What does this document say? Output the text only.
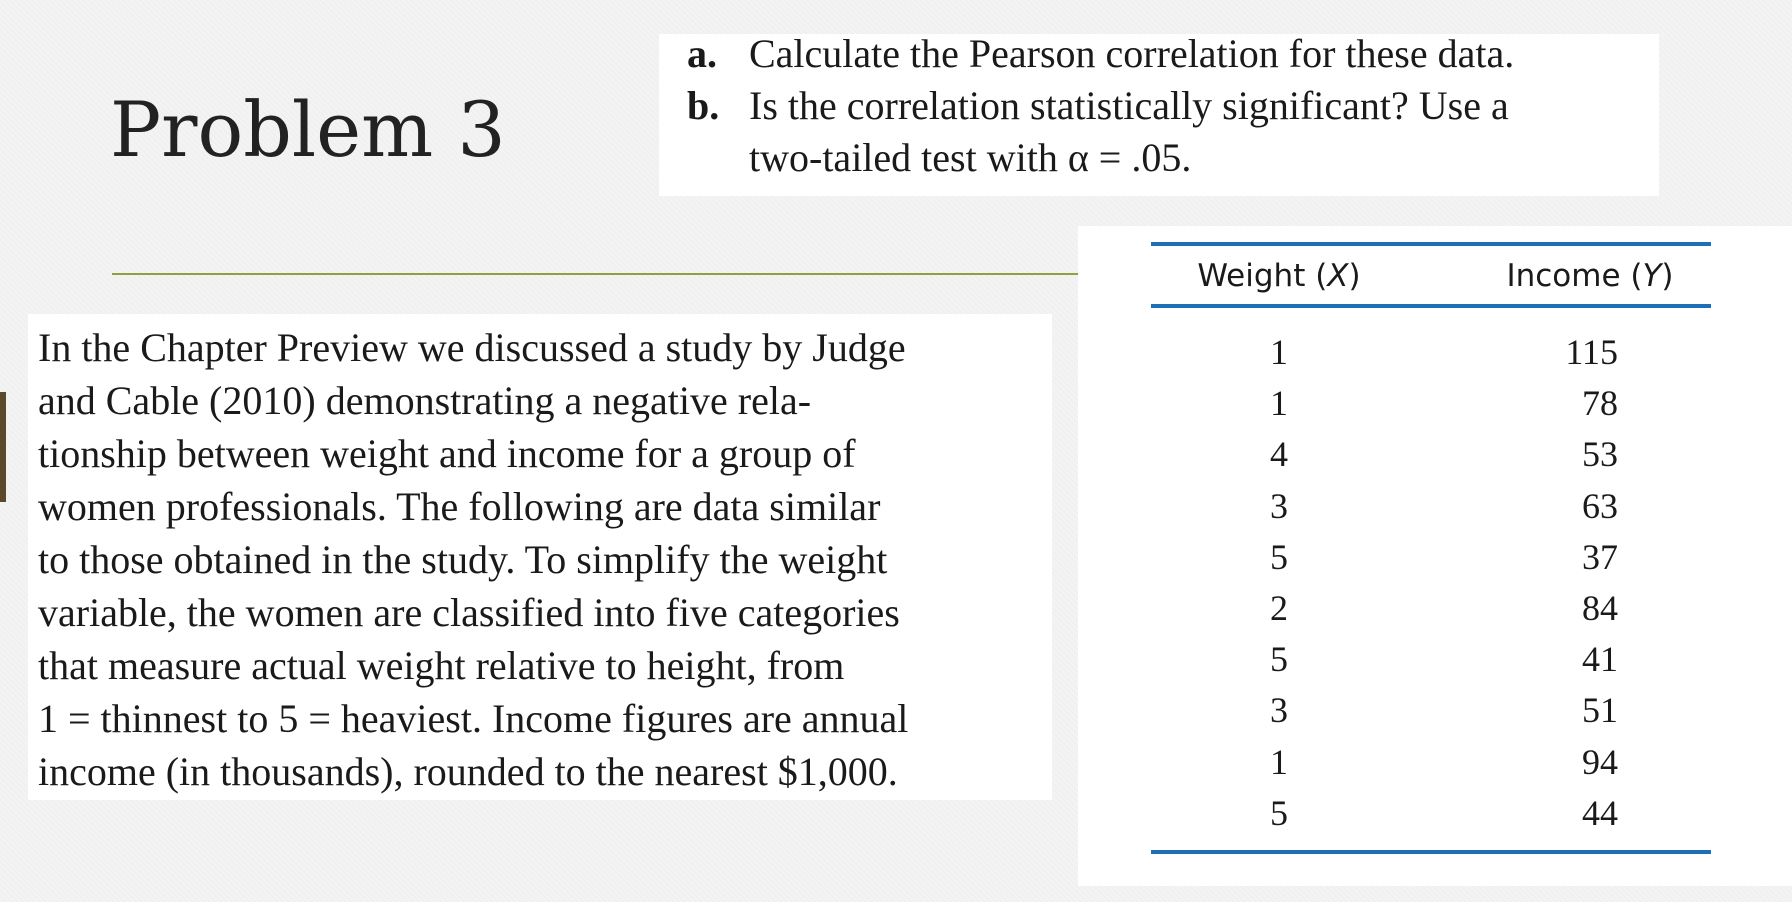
Problem 3
a. Calculate the Pearson correlation for these data.
b. Is the correlation statistically significant? Use a
two-tailed test with α = .05.
In the Chapter Preview we discussed a study by Judge
and Cable (2010) demonstrating a negative rela-
tionship between weight and income for a group of
women professionals. The following are data similar
to those obtained in the study. To simplify the weight
variable, the women are classified into five categories
that measure actual weight relative to height, from
1 = thinnest to 5 = heaviest. Income figures are annual
income (in thousands), rounded to the nearest $1,000.
Weight (X)	Income (Y)
1	115
1	78
4	53
3	63
5	37
2	84
5	41
3	51
1	94
5	44
